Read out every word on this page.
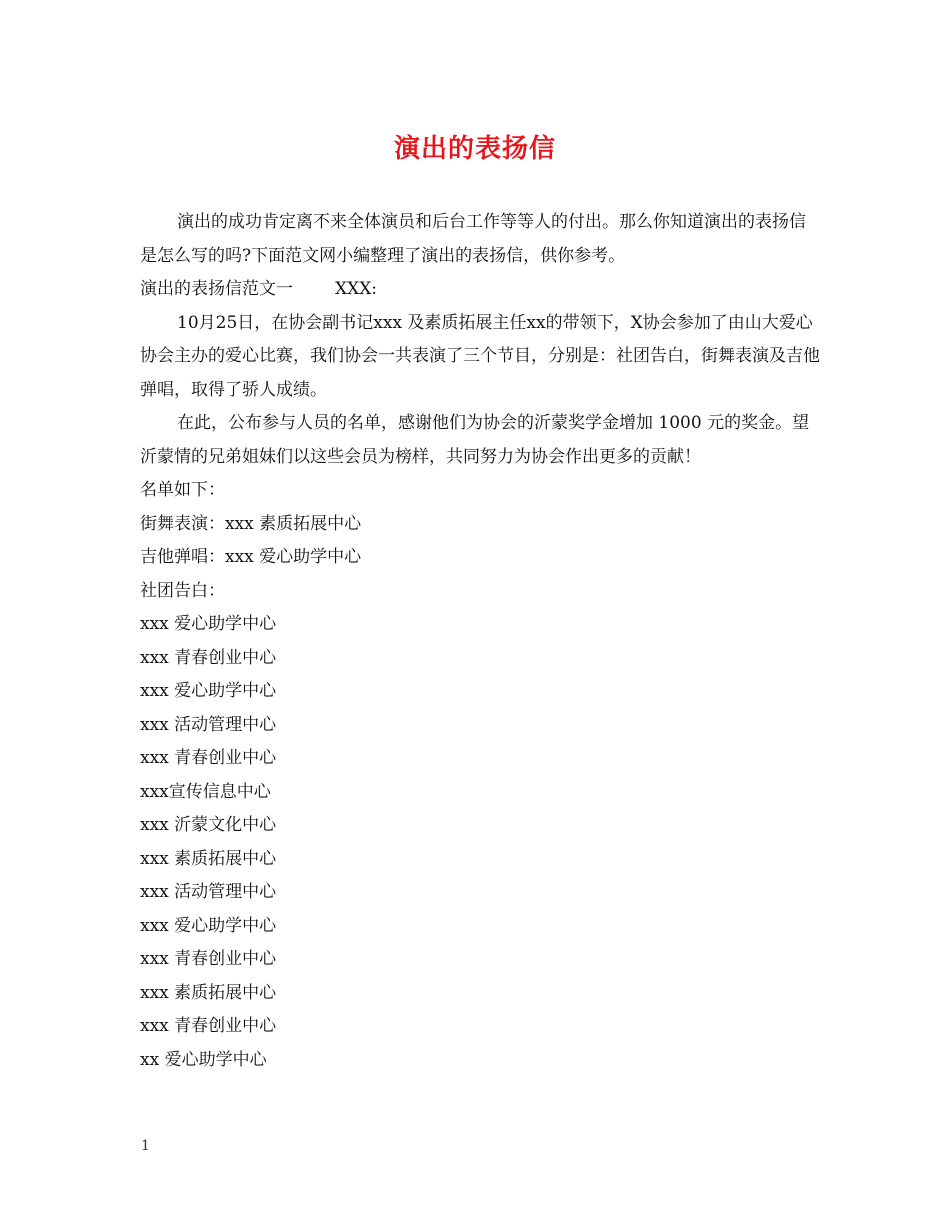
演出的表扬信

演出的成功肯定离不来全体演员和后台工作等等人的付出。那么你知道演出的表扬信是怎么写的吗?下面范文网小编整理了演出的表扬信，供你参考。

演出的表扬信范文一 XXX:

10月25日，在协会副书记xxx 及素质拓展主任xx的带领下，X协会参加了由山大爱心协会主办的爱心比赛，我们协会一共表演了三个节目，分别是：社团告白，街舞表演及吉他弹唱，取得了骄人成绩。

在此，公布参与人员的名单，感谢他们为协会的沂蒙奖学金增加 1000 元的奖金。望沂蒙情的兄弟姐妹们以这些会员为榜样，共同努力为协会作出更多的贡献！

名单如下：

街舞表演：xxx 素质拓展中心

吉他弹唱：xxx 爱心助学中心

社团告白：

xxx 爱心助学中心

xxx 青春创业中心

xxx 爱心助学中心

xxx 活动管理中心

xxx 青春创业中心

xxx宣传信息中心

xxx 沂蒙文化中心

xxx 素质拓展中心

xxx 活动管理中心

xxx 爱心助学中心

xxx 青春创业中心

xxx 素质拓展中心

xxx 青春创业中心

xx 爱心助学中心

1
